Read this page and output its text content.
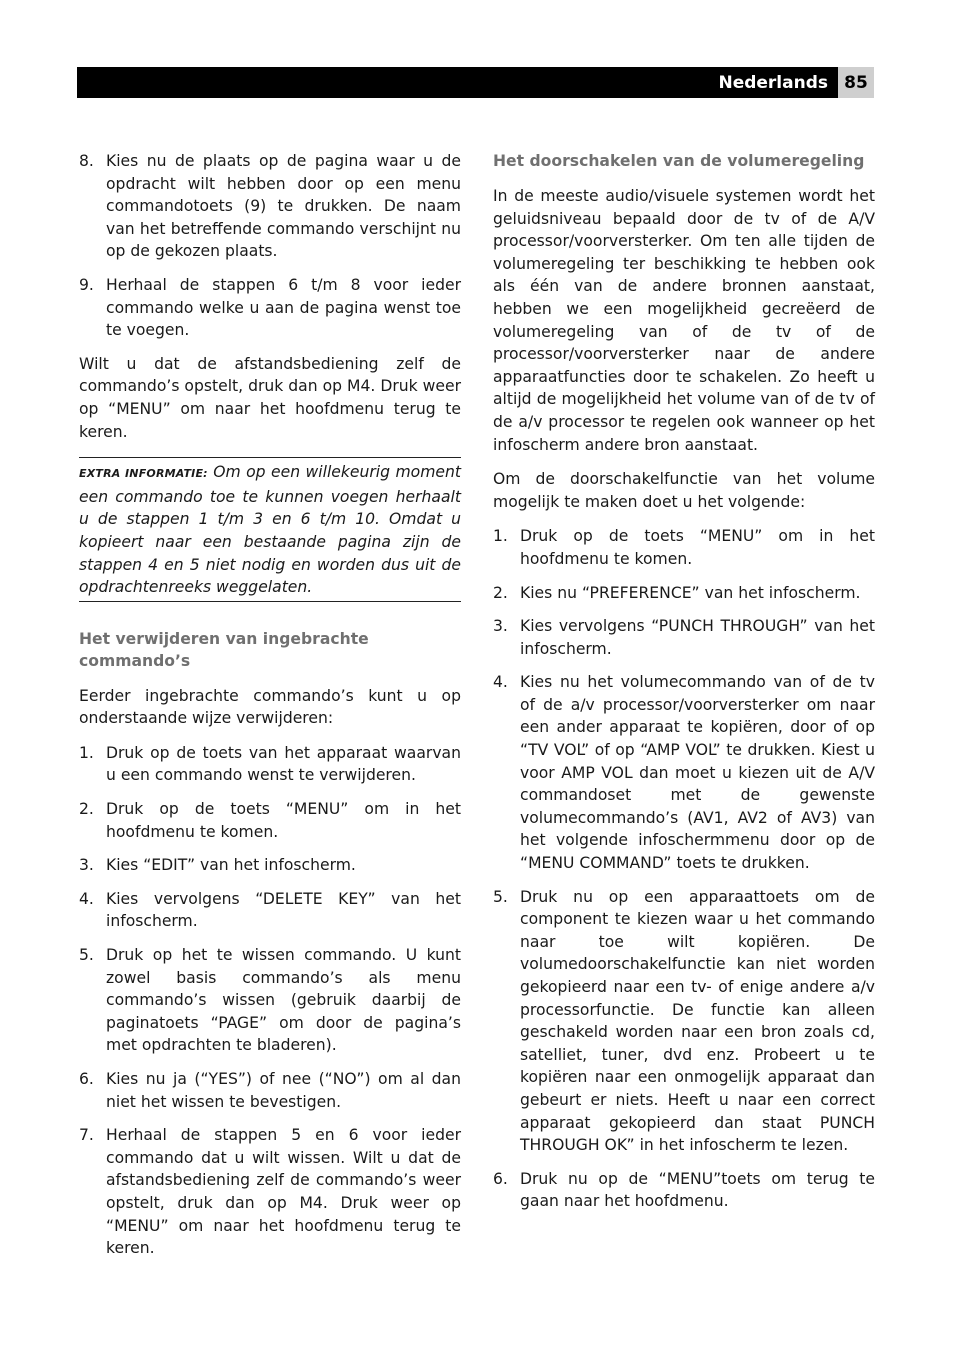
Nederlands 85
8. Kies nu de plaats op de pagina waar u de opdracht wilt hebben door op een menu commandotoets (9) te drukken. De naam van het betreffende commando verschijnt nu op de gekozen plaats.
9. Herhaal de stappen 6 t/m 8 voor ieder commando welke u aan de pagina wenst toe te voegen.

Wilt u dat de afstandsbediening zelf de commando’s opstelt, druk dan op M4. Druk weer op “MENU” om naar het hoofdmenu terug te keren.

EXTRA INFORMATIE: Om op een willekeurig moment een commando toe te kunnen voegen herhaalt u de stappen 1 t/m 3 en 6 t/m 10. Omdat u kopieert naar een bestaande pagina zijn de stappen 4 en 5 niet nodig en worden dus uit de opdrachtenreeks weggelaten.
Het verwijderen van ingebrachte commando’s

Eerder ingebrachte commando’s kunt u op onderstaande wijze verwijderen:

1. Druk op de toets van het apparaat waarvan u een commando wenst te verwijderen.
2. Druk op de toets “MENU” om in het hoofdmenu te komen.
3. Kies “EDIT” van het infoscherm.
4. Kies vervolgens “DELETE KEY” van het infoscherm.
5. Druk op het te wissen commando. U kunt zowel basis commando’s als menu commando’s wissen (gebruik daarbij de paginatoets “PAGE” om door de pagina’s met opdrachten te bladeren).
6. Kies nu ja (“YES”) of nee (“NO”) om al dan niet het wissen te bevestigen.
7. Herhaal de stappen 5 en 6 voor ieder commando dat u wilt wissen. Wilt u dat de afstandsbediening zelf de commando’s weer opstelt, druk dan op M4. Druk weer op “MENU” om naar het hoofdmenu terug te keren.
Het doorschakelen van de volumeregeling

In de meeste audio/visuele systemen wordt het geluidsniveau bepaald door de tv of de A/V processor/voorversterker. Om ten alle tijden de volumeregeling ter beschikking te hebben ook als één van de andere bronnen aanstaat, hebben we een mogelijkheid gecreëerd de volumeregeling van of de tv of de processor/voorversterker naar de andere apparaatfuncties door te schakelen. Zo heeft u altijd de mogelijkheid het volume van of de tv of de a/v processor te regelen ook wanneer op het infoscherm andere bron aanstaat.

Om de doorschakelfunctie van het volume mogelijk te maken doet u het volgende:

1. Druk op de toets “MENU” om in het hoofdmenu te komen.
2. Kies nu “PREFERENCE” van het infoscherm.
3. Kies vervolgens “PUNCH THROUGH” van het infoscherm.
4. Kies nu het volumecommando van of de tv of de a/v processor/voorversterker om naar een ander apparaat te kopiëren, door of op “TV VOL” of op “AMP VOL” te drukken. Kiest u voor AMP VOL dan moet u kiezen uit de A/V commandoset met de gewenste volumecommando’s (AV1, AV2 of AV3) van het volgende infoschermmenu door op de “MENU COMMAND” toets te drukken.
5. Druk nu op een apparaattoets om de component te kiezen waar u het commando naar toe wilt kopiëren. De volumedoorschakelfunctie kan niet worden gekopieerd naar een tv- of enige andere a/v processorfunctie. De functie kan alleen geschakeld worden naar een bron zoals cd, satelliet, tuner, dvd enz. Probeert u te kopiëren naar een onmogelijk apparaat dan gebeurt er niets. Heeft u naar een correct apparaat gekopieerd dan staat PUNCH THROUGH OK” in het infoscherm te lezen.
6. Druk nu op de “MENU”toets om terug te gaan naar het hoofdmenu.
